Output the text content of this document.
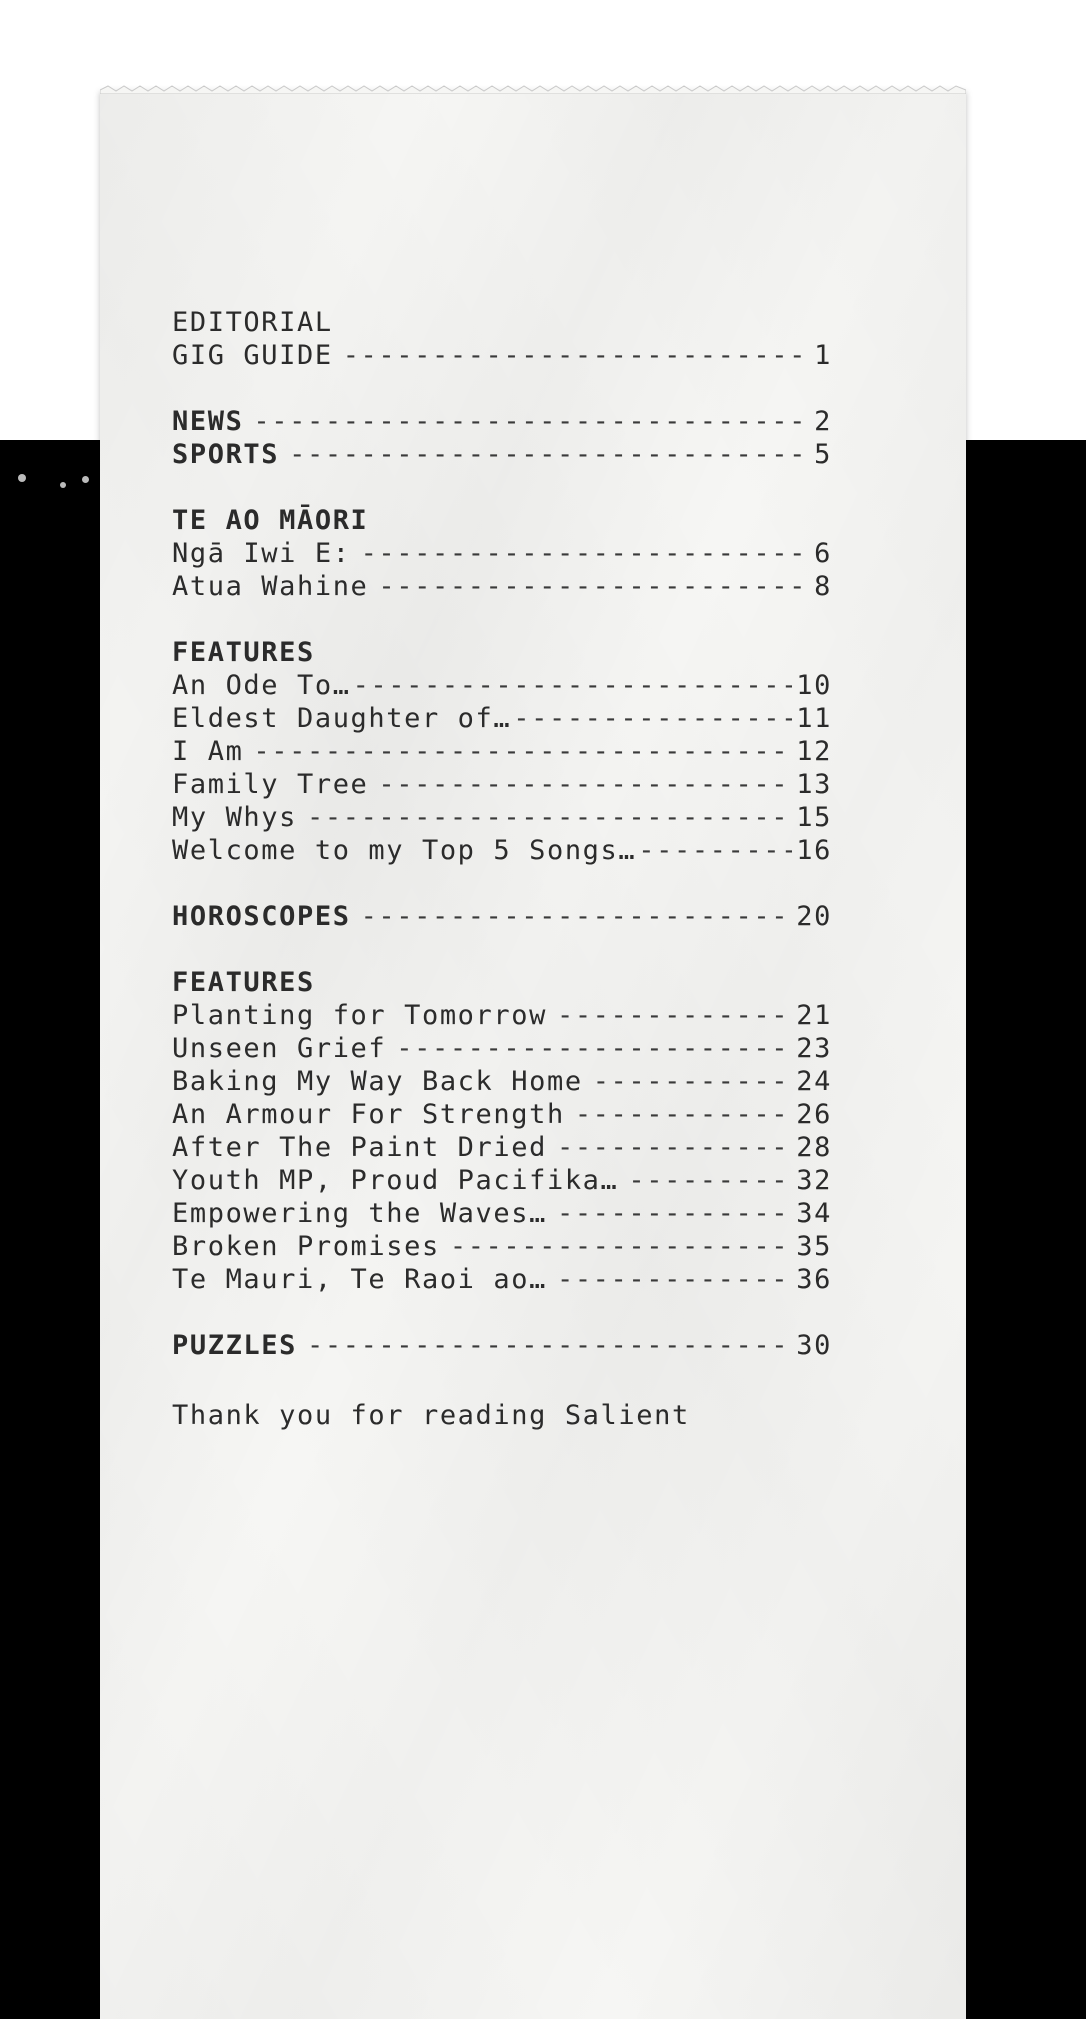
EDITORIAL
GIG GUIDE -----	1
NEWS -----	2
SPORTS -----	5
TE AO MĀORI
Ngā Iwi E: -----	6
Atua Wahine -----	8
FEATURES
An Ode To… -----	10
Eldest Daughter of… -----	11
I Am -----	12
Family Tree -----	13
My Whys -----	15
Welcome to my Top 5 Songs… -----	16
HOROSCOPES -----	20
FEATURES
Planting for Tomorrow -----	21
Unseen Grief -----	23
Baking My Way Back Home -----	24
An Armour For Strength -----	26
After The Paint Dried -----	28
Youth MP, Proud Pacifika… -----	32
Empowering the Waves… -----	34
Broken Promises -----	35
Te Mauri, Te Raoi ao… -----	36
PUZZLES -----	30
Thank you for reading Salient
